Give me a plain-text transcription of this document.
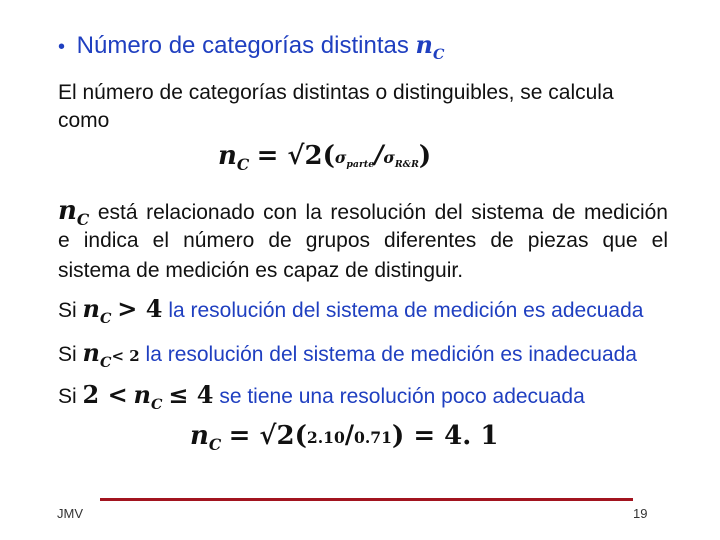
• Número de categorías distintas $n_C$
El número de categorías distintas o distinguibles, se calcula
como
$n_C = √2(\sigma_{parte}/\sigma_{R\&R})$
$n_C$ está relacionado con la resolución del sistema de medición
e indica el número de grupos diferentes de piezas que el
sistema de medición es capaz de distinguir.
Si $n_C > 4$ la resolución del sistema de medición es adecuada
Si $n_C< 2$ la resolución del sistema de medición es inadecuada
Si $2 < n_C \le 4$ se tiene una resolución poco adecuada
$n_C = √2(2.10/0.71) = 4$. 1
JMV	19
